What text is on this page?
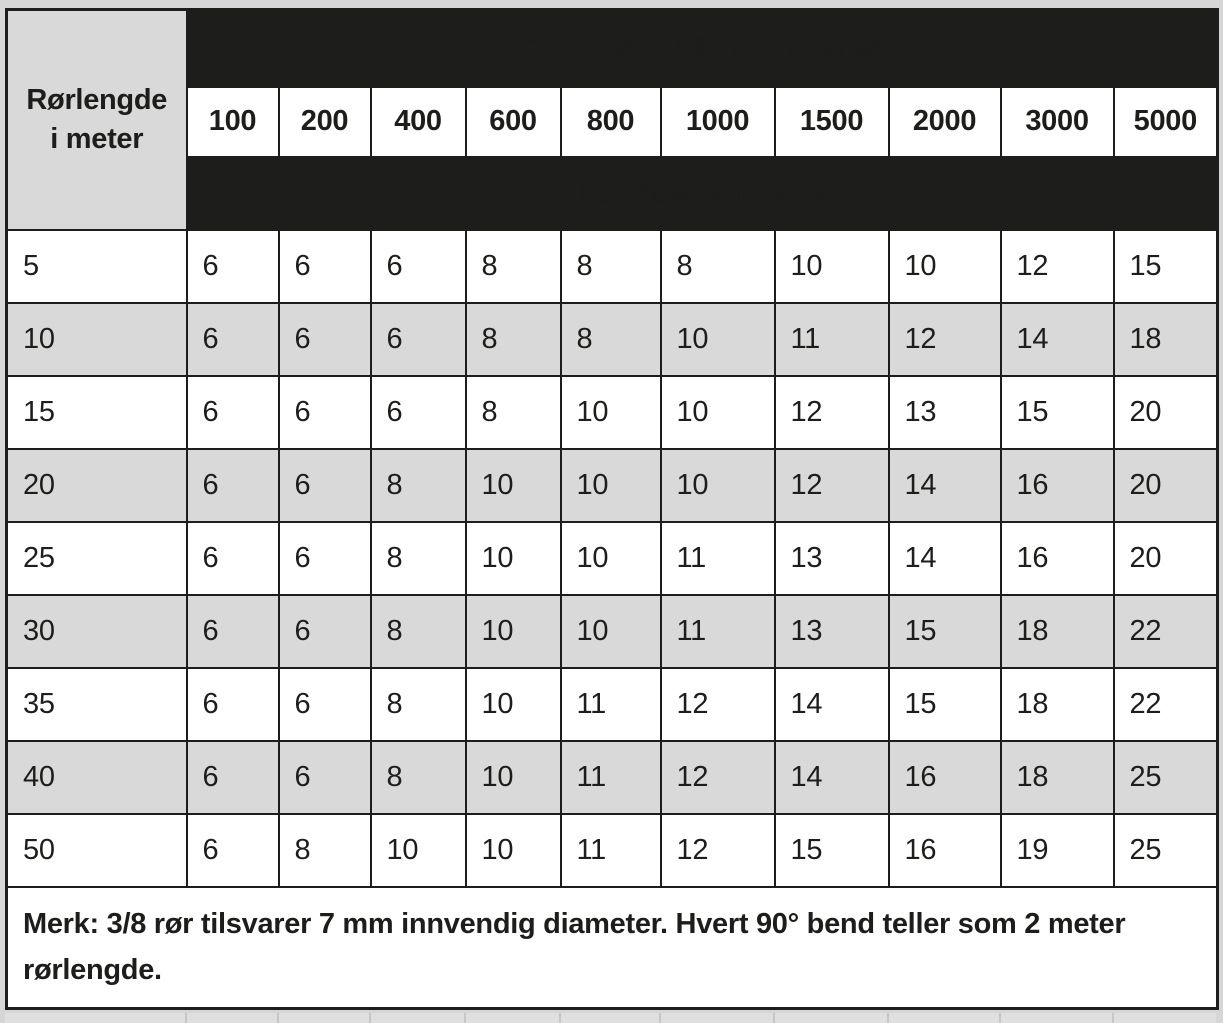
Rørlengde
i meter	Gassforbruk i gram pr time									
	100	200	400	600	800	1000	1500	2000	3000	5000
	Rørdiameter i mm									
5	6	6	6	8	8	8	10	10	12	15
10	6	6	6	8	8	10	11	12	14	18
15	6	6	6	8	10	10	12	13	15	20
20	6	6	8	10	10	10	12	14	16	20
25	6	6	8	10	10	11	13	14	16	20
30	6	6	8	10	10	11	13	15	18	22
35	6	6	8	10	11	12	14	15	18	22
40	6	6	8	10	11	12	14	16	18	25
50	6	8	10	10	11	12	15	16	19	25
Merk: 3/8 rør tilsvarer 7 mm innvendig diameter. Hvert 90° bend teller som 2 meter rørlengde.										
